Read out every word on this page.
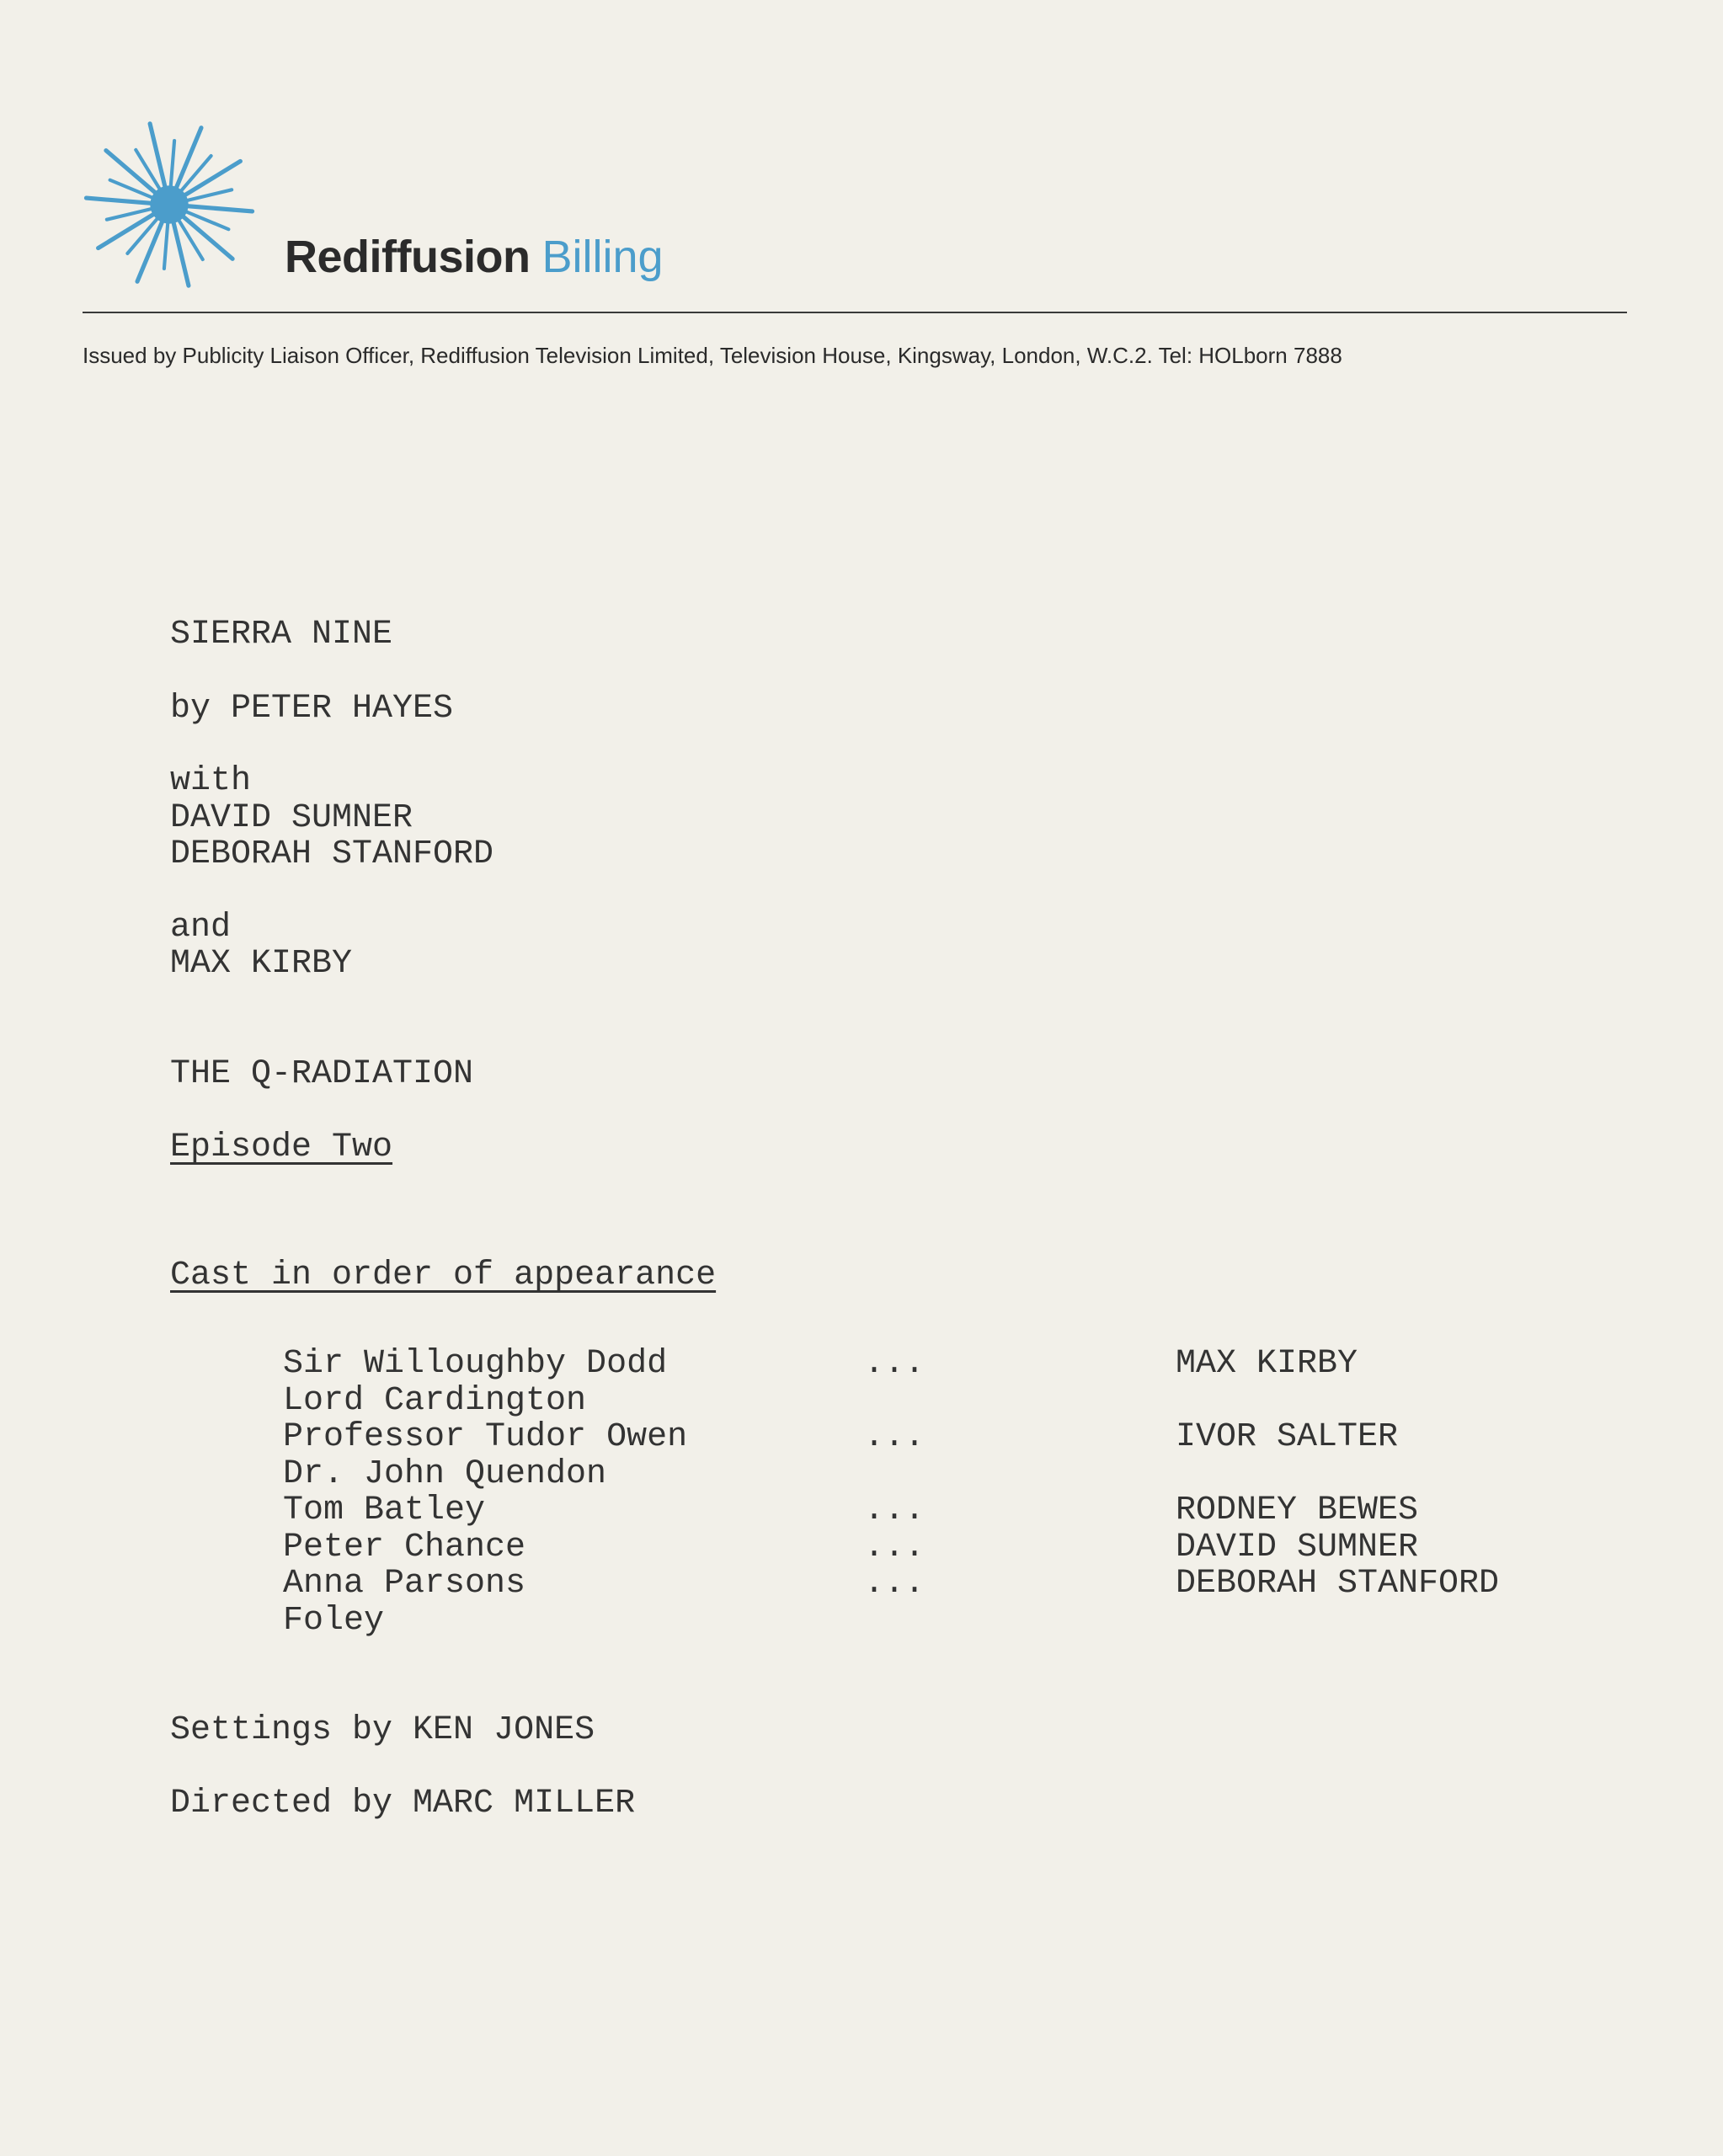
Rediffusion Billing
Issued by Publicity Liaison Officer, Rediffusion Television Limited, Television House, Kingsway, London, W.C.2. Tel: HOLborn 7888
SIERRA NINE
by PETER HAYES
with
DAVID SUMNER
DEBORAH STANFORD
and
MAX KIRBY
THE Q-RADIATION
Episode Two
Cast in order of appearance
Sir Willoughby Dodd	...	MAX KIRBY
Lord Cardington
Professor Tudor Owen	...	IVOR SALTER
Dr. John Quendon
Tom Batley	...	RODNEY BEWES
Peter Chance	...	DAVID SUMNER
Anna Parsons	...	DEBORAH STANFORD
Foley
Settings by KEN JONES
Directed by MARC MILLER
